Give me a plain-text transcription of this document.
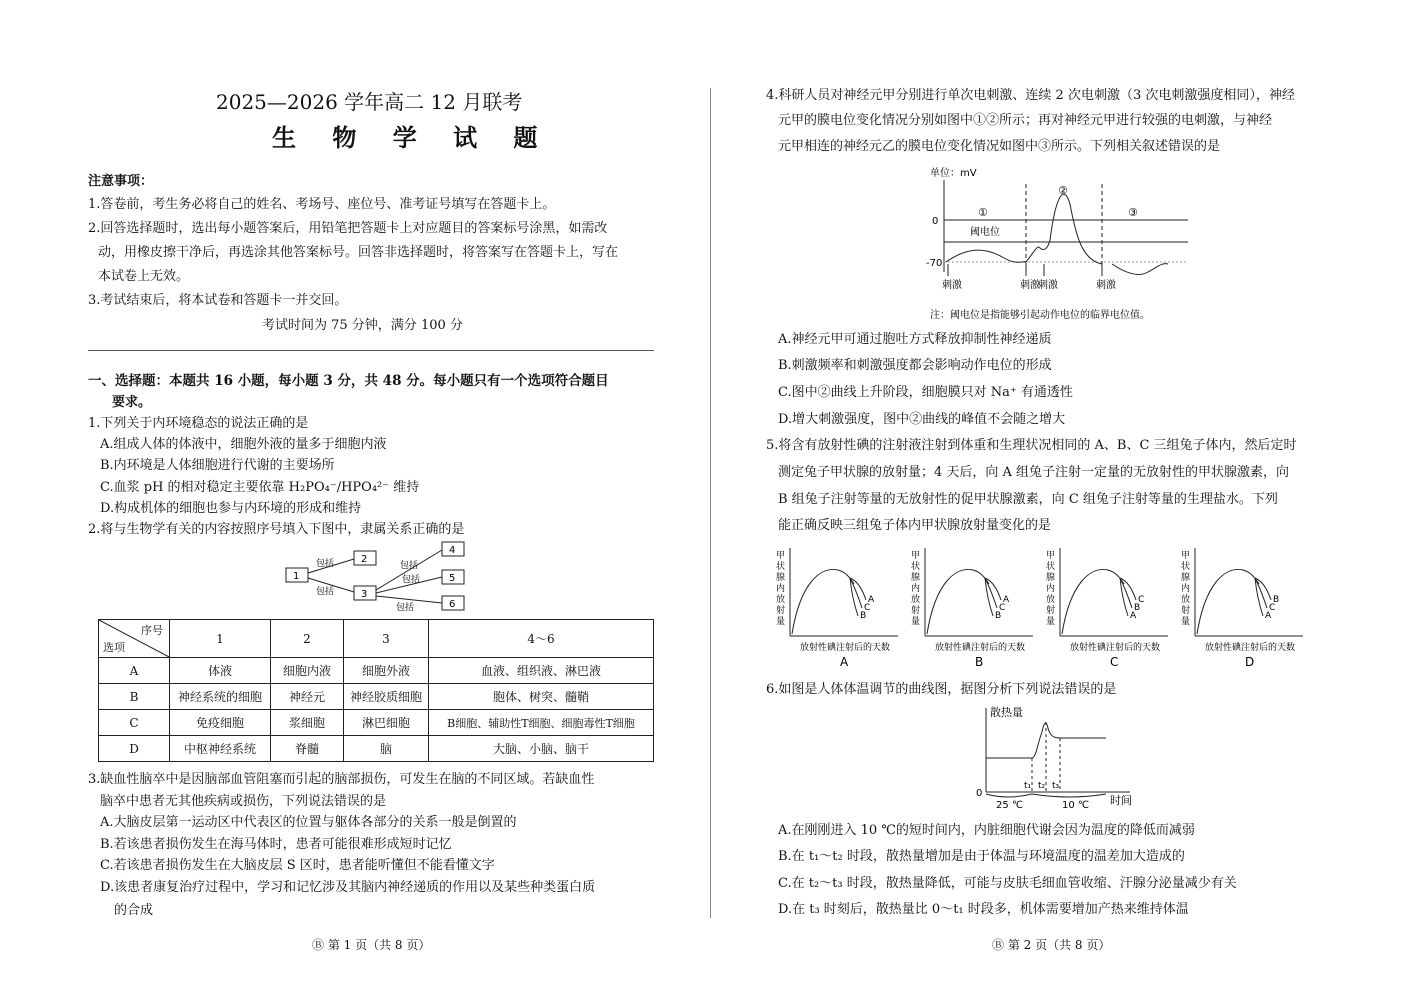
2025—2026 学年高二 12 月联考
生 物 学 试 题
注意事项：
1.答卷前，考生务必将自己的姓名、考场号、座位号、准考证号填写在答题卡上。
2.回答选择题时，选出每小题答案后，用铅笔把答题卡上对应题目的答案标号涂黑，如需改
动，用橡皮擦干净后，再选涂其他答案标号。回答非选择题时，将答案写在答题卡上，写在
本试卷上无效。
3.考试结束后，将本试卷和答题卡一并交回。
考试时间为 75 分钟，满分 100 分
一、选择题：本题共 16 小题，每小题 3 分，共 48 分。每小题只有一个选项符合题目
要求。
1.下列关于内环境稳态的说法正确的是
A.组成人体的体液中，细胞外液的量多于细胞内液
B.内环境是人体细胞进行代谢的主要场所
C.血浆 pH 的相对稳定主要依靠 H₂PO₄⁻/HPO₄²⁻ 维持
D.构成机体的细胞也参与内环境的形成和维持
2.将与生物学有关的内容按照序号填入下图中，隶属关系正确的是
1
2
3
4
5
6
包括
包括
包括
包括
包括
序号
选项	1	2	3	4～6
A	体液	细胞内液	细胞外液	血液、组织液、淋巴液
B	神经系统的细胞	神经元	神经胶质细胞	胞体、树突、髓鞘
C	免疫细胞	浆细胞	淋巴细胞	B细胞、辅助性T细胞、细胞毒性T细胞
D	中枢神经系统	脊髓	脑	大脑、小脑、脑干
3.缺血性脑卒中是因脑部血管阻塞而引起的脑部损伤，可发生在脑的不同区域。若缺血性
脑卒中患者无其他疾病或损伤，下列说法错误的是
A.大脑皮层第一运动区中代表区的位置与躯体各部分的关系一般是倒置的
B.若该患者损伤发生在海马体时，患者可能很难形成短时记忆
C.若该患者损伤发生在大脑皮层 S 区时，患者能听懂但不能看懂文字
D.该患者康复治疗过程中，学习和记忆涉及其脑内神经递质的作用以及某些种类蛋白质
的合成
Ⓑ 第 1 页（共 8 页）
4.科研人员对神经元甲分别进行单次电刺激、连续 2 次电刺激（3 次电刺激强度相同），神经
元甲的膜电位变化情况分别如图中①②所示；再对神经元甲进行较强的电刺激，与神经
元甲相连的神经元乙的膜电位变化情况如图中③所示。下列相关叙述错误的是
单位：mV
0
-70
阈电位
①
②
③
刺激	刺激
刺激	刺激
注：阈电位是指能够引起动作电位的临界电位值。
A.神经元甲可通过胞吐方式释放抑制性神经递质
B.刺激频率和刺激强度都会影响动作电位的形成
C.图中②曲线上升阶段，细胞膜只对 Na⁺ 有通透性
D.增大刺激强度，图中②曲线的峰值不会随之增大
5.将含有放射性碘的注射液注射到体重和生理状况相同的 A、B、C 三组兔子体内，然后定时
测定兔子甲状腺的放射量；4 天后，向 A 组兔子注射一定量的无放射性的甲状腺激素，向
B 组兔子注射等量的无放射性的促甲状腺激素，向 C 组兔子注射等量的生理盐水。下列
能正确反映三组兔子体内甲状腺放射量变化的是
甲
状
腺
内
放
射
量
放射性碘注射后的天数
A
C
B
A
甲
状
腺
内
放
射
量
放射性碘注射后的天数
A
C
B
B
甲
状
腺
内
放
射
量
放射性碘注射后的天数
C
B
A
C
甲
状
腺
内
放
射
量
放射性碘注射后的天数
B
C
A
D
6.如图是人体体温调节的曲线图，据图分析下列说法错误的是
散热量
0
t₁ t₂ t₃
25 ℃	10 ℃ 时间
A.在刚刚进入 10 ℃的短时间内，内脏细胞代谢会因为温度的降低而减弱
B.在 t₁～t₂ 时段，散热量增加是由于体温与环境温度的温差加大造成的
C.在 t₂～t₃ 时段，散热量降低，可能与皮肤毛细血管收缩、汗腺分泌量减少有关
D.在 t₃ 时刻后，散热量比 0～t₁ 时段多，机体需要增加产热来维持体温
Ⓑ 第 2 页（共 8 页）
